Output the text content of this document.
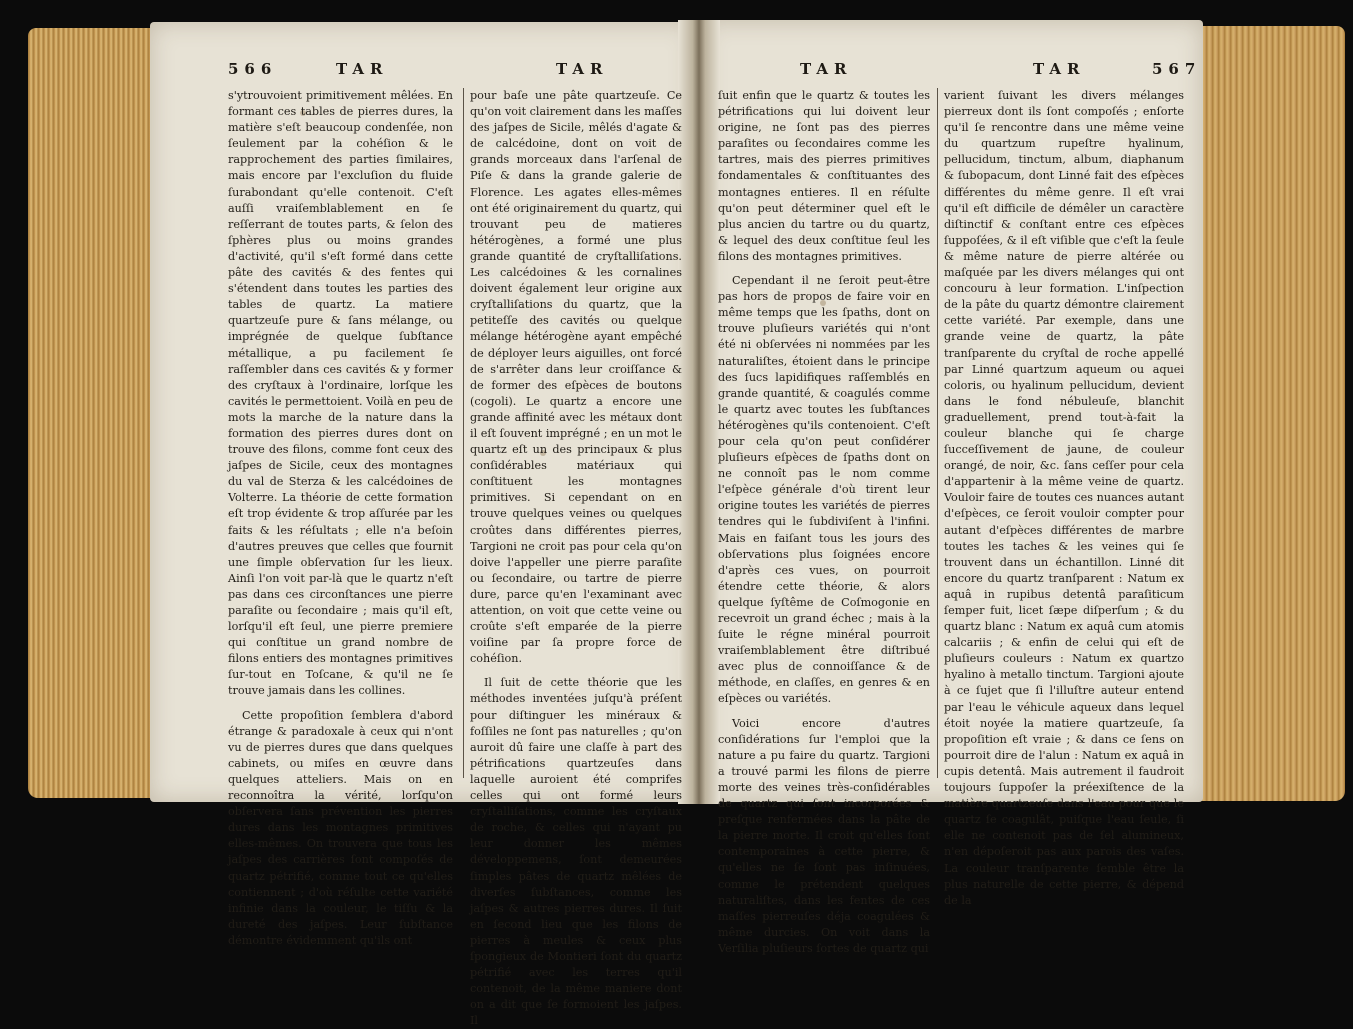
566	TAR

s'ytrouvoient primitivement mêlées. En formant ces tables de pierres dures, la matière s'eſt beaucoup condenſée, non ſeulement par la cohéſion & le rapprochement des parties ſimilaires, mais encore par l'excluſion du fluide ſurabondant qu'elle contenoit. C'eſt auſſi vraiſemblablement en ſe reſſerrant de toutes parts, & ſelon des ſphères plus ou moins grandes d'activité, qu'il s'eſt formé dans cette pâte des cavités & des fentes qui s'étendent dans toutes les parties des tables de quartz. La matiere quartzeuſe pure & ſans mélange, ou imprégnée de quelque ſubſtance métallique, a pu facilement ſe raſſembler dans ces cavités & y former des cryſtaux à l'ordinaire, lorſque les cavités le permettoient. Voilà en peu de mots la marche de la nature dans la formation des pierres dures dont on trouve des filons, comme font ceux des jaſpes de Sicile, ceux des montagnes du val de Sterza & les calcédoines de Volterre. La théorie de cette formation eſt trop évidente & trop aſſurée par les faits & les réſultats ; elle n'a beſoin d'autres preuves que celles que fournit une ſimple obſervation ſur les lieux. Ainſi l'on voit par-là que le quartz n'eſt pas dans ces circonſtances une pierre paraſite ou ſecondaire ; mais qu'il eſt, lorſqu'il eſt ſeul, une pierre premiere qui conſtitue un grand nombre de filons entiers des montagnes primitives ſur-tout en Toſcane, & qu'il ne ſe trouve jamais dans les collines.

Cette propoſition ſemblera d'abord étrange & paradoxale à ceux qui n'ont vu de pierres dures que dans quelques cabinets, ou miſes en œuvre dans quelques atteliers. Mais on en reconnoîtra la vérité, lorſqu'on obſervera ſans prévention les pierres dures dans les montagnes primitives elles-mêmes. On trouvera que tous les jaſpes des carrières ſont compoſés de quartz pétrifié, comme tout ce qu'elles contiennent ; d'où réſulte cette variété infinie dans la couleur, le tiſſu & la dureté des jaſpes. Leur ſubſtance démontre évidemment qu'ils ont

TAR

pour baſe une pâte quartzeuſe. Ce qu'on voit clairement dans les maſſes des jaſpes de Sicile, mêlés d'agate & de calcédoine, dont on voit de grands morceaux dans l'arſenal de Piſe & dans la grande galerie de Florence. Les agates elles-mêmes ont été originairement du quartz, qui trouvant peu de matieres hétérogènes, a formé une plus grande quantité de cryſtalliſations. Les calcédoines & les cornalines doivent également leur origine aux cryſtalliſations du quartz, que la petiteſſe des cavités ou quelque mélange hétérogène ayant empêché de déployer leurs aiguilles, ont forcé de s'arrêter dans leur croiſſance & de former des eſpèces de boutons (cogoli). Le quartz a encore une grande affinité avec les métaux dont il eſt ſouvent imprégné ; en un mot le quartz eſt un des principaux & plus conſidérables matériaux qui conſtituent les montagnes primitives. Si cependant on en trouve quelques veines ou quelques croûtes dans différentes pierres, Targioni ne croit pas pour cela qu'on doive l'appeller une pierre paraſite ou ſecondaire, ou tartre de pierre dure, parce qu'en l'examinant avec attention, on voit que cette veine ou croûte s'eſt emparée de la pierre voiſine par ſa propre force de cohéſion.

Il ſuit de cette théorie que les méthodes inventées juſqu'à préſent pour diſtinguer les minéraux & foſſiles ne ſont pas naturelles ; qu'on auroit dû faire une claſſe à part des pétrifications quartzeuſes dans laquelle auroient été comprifes celles qui ont formé leurs cryſtalliſations, comme les cryſtaux de roche, & celles qui n'ayant pu leur donner les mêmes développemens, ſont demeurées ſimples pâtes de quartz mêlées de diverſes ſubſtances, comme les jaſpes & autres pierres dures. Il ſuit en ſecond lieu que les filons de pierres à meules & ceux plus ſpongieux de Montieri ſont du quartz pétrifié avec les terres qu'il contenoit, de la même maniere dont on a dit que ſe formoient les jaſpes. Il

TAR	TAR	567

ſuit enfin que le quartz & toutes les pétrifications qui lui doivent leur origine, ne ſont pas des pierres paraſites ou ſecondaires comme les tartres, mais des pierres primitives fondamentales & conſtituantes des montagnes entieres. Il en réſulte qu'on peut déterminer quel eſt le plus ancien du tartre ou du quartz, & lequel des deux conſtitue ſeul les filons des montagnes primitives.

Cependant il ne ſeroit peut-être pas hors de propos de faire voir en même temps que les ſpaths, dont on trouve pluſieurs variétés qui n'ont été ni obſervées ni nommées par les naturaliſtes, étoient dans le principe des ſucs lapidifiques raſſemblés en grande quantité, & coagulés comme le quartz avec toutes les ſubſtances hétérogènes qu'ils contenoient. C'eſt pour cela qu'on peut conſidérer pluſieurs eſpèces de ſpaths dont on ne connoît pas le nom comme l'eſpèce générale d'où tirent leur origine toutes les variétés de pierres tendres qui le ſubdiviſent à l'infini. Mais en faiſant tous les jours des obſervations plus ſoignées encore d'après ces vues, on pourroit étendre cette théorie, & alors quelque ſyſtême de Coſmogonie en recevroit un grand échec ; mais à la ſuite le régne minéral pourroit vraiſemblablement être diſtribué avec plus de connoiſſance & de méthode, en claſſes, en genres & en eſpèces ou variétés.

Voici encore d'autres conſidérations ſur l'emploi que la nature a pu faire du quartz. Targioni a trouvé parmi les filons de pierre morte des veines très-conſidérables de quartz qui ſont incorporées & preſque renfermées dans la pâte de la pierre morte. Il croit qu'elles ſont contemporaines à cette pierre, & qu'elles ne ſe ſont pas inſinuées, comme le prétendent quelques naturaliſtes, dans les fentes de ces maſſes pierreuſes déja coagulées & même durcies. On voit dans la Verſilia pluſieurs ſortes de quartz qui

varient ſuivant les divers mélanges pierreux dont ils ſont compoſés ; enſorte qu'il ſe rencontre dans une même veine du quartzum rupeſtre hyalinum, pellucidum, tinctum, album, diaphanum & ſubopacum, dont Linné fait des eſpèces différentes du même genre. Il eſt vrai qu'il eſt difficile de démêler un caractère diſtinctif & conſtant entre ces eſpèces ſuppoſées, & il eſt viſible que c'eſt la ſeule & même nature de pierre altérée ou maſquée par les divers mélanges qui ont concouru à leur formation. L'inſpection de la pâte du quartz démontre clairement cette variété. Par exemple, dans une grande veine de quartz, la pâte tranſparente du cryſtal de roche appellé par Linné quartzum aqueum ou aquei coloris, ou hyalinum pellucidum, devient dans le fond nébuleuſe, blanchit graduellement, prend tout-à-fait la couleur blanche qui ſe charge ſucceſſivement de jaune, de couleur orangé, de noir, &c. ſans ceſſer pour cela d'appartenir à la même veine de quartz. Vouloir faire de toutes ces nuances autant d'eſpèces, ce ſeroit vouloir compter pour autant d'eſpèces différentes de marbre toutes les taches & les veines qui ſe trouvent dans un échantillon. Linné dit encore du quartz tranſparent : Natum ex aquâ in rupibus detentâ paraſiticum ſemper fuit, licet ſæpe diſperſum ; & du quartz blanc : Natum ex aquâ cum atomis calcariis ; & enfin de celui qui eſt de pluſieurs couleurs : Natum ex quartzo hyalino à metallo tinctum. Targioni ajoute à ce ſujet que ſi l'illuſtre auteur entend par l'eau le véhicule aqueux dans lequel étoit noyée la matiere quartzeuſe, ſa propoſition eſt vraie ; & dans ce ſens on pourroit dire de l'alun : Natum ex aquâ in cupis detentâ. Mais autrement il faudroit toujours ſuppoſer la préexiſtence de la matière quartzeuſe dans l'eau pour que le quartz ſe coagulât, puiſque l'eau ſeule, ſi elle ne contenoit pas de ſel alumineux, n'en dépoſeroit pas aux parois des vaſes. La couleur tranſparente ſemble être la plus naturelle de cette pierre, & dépend de la
